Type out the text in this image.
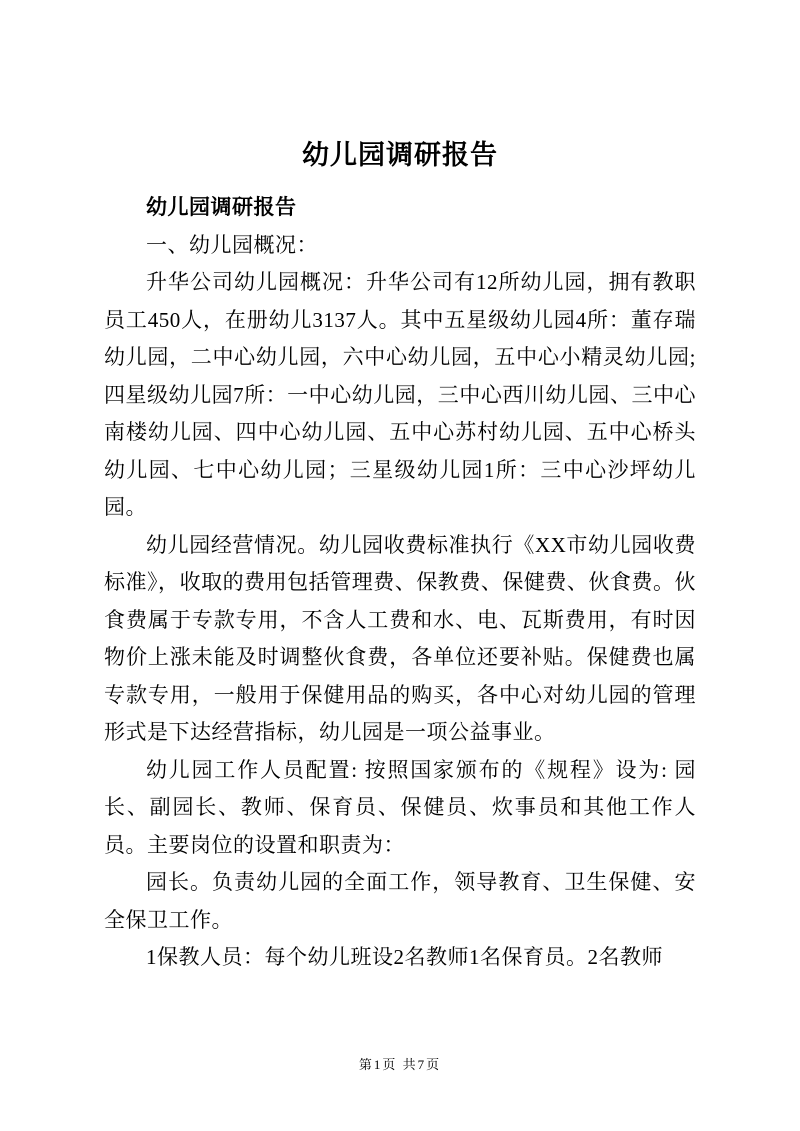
幼儿园调研报告

幼儿园调研报告

一、幼儿园概况：

升华公司幼儿园概况：升华公司有12所幼儿园，拥有教职员工450人，在册幼儿3137人。其中五星级幼儿园4所：董存瑞幼儿园，二中心幼儿园，六中心幼儿园，五中心小精灵幼儿园;四星级幼儿园7所：一中心幼儿园，三中心西川幼儿园、三中心南楼幼儿园、四中心幼儿园、五中心苏村幼儿园、五中心桥头幼儿园、七中心幼儿园；三星级幼儿园1所：三中心沙坪幼儿园。

幼儿园经营情况。幼儿园收费标准执行《XX市幼儿园收费标准》，收取的费用包括管理费、保教费、保健费、伙食费。伙食费属于专款专用，不含人工费和水、电、瓦斯费用，有时因物价上涨未能及时调整伙食费，各单位还要补贴。保健费也属专款专用，一般用于保健用品的购买，各中心对幼儿园的管理形式是下达经营指标，幼儿园是一项公益事业。

幼儿园工作人员配置: 按照国家颁布的《规程》设为: 园长、副园长、教师、保育员、保健员、炊事员和其他工作人员。主要岗位的设置和职责为：

园长。负责幼儿园的全面工作，领导教育、卫生保健、安全保卫工作。

1保教人员：每个幼儿班设2名教师1名保育员。2名教师

第1页 共7页
